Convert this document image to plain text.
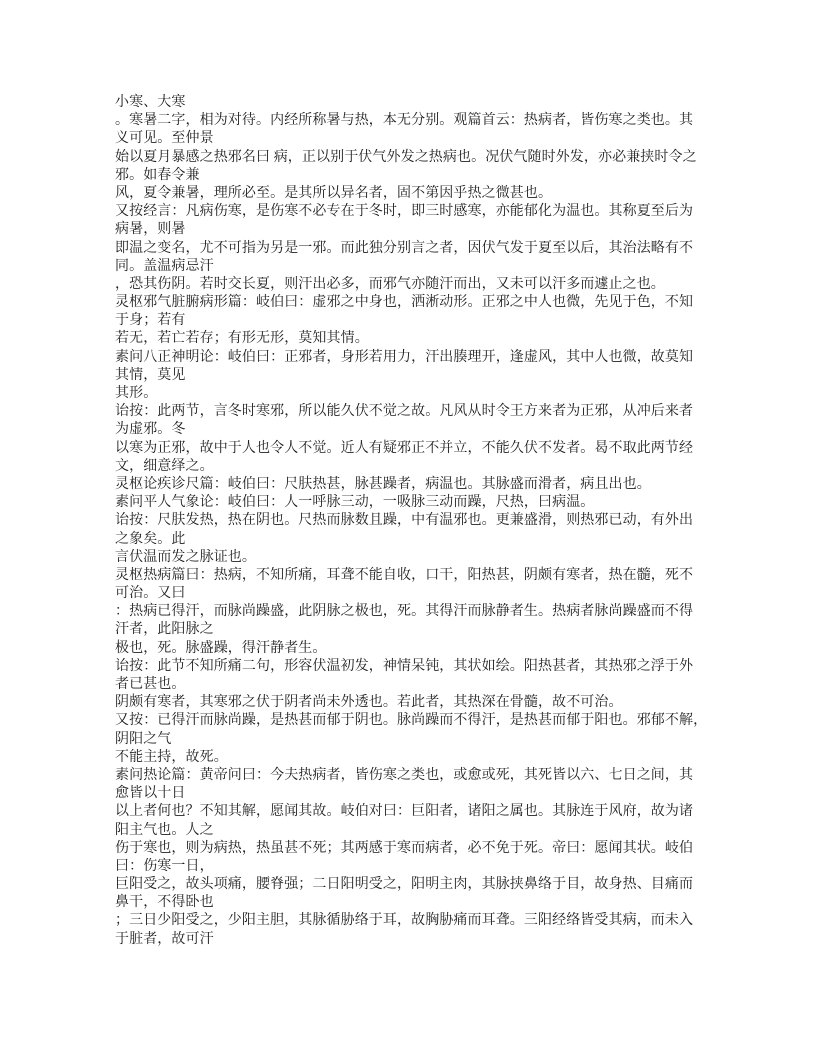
小寒、大寒
。寒暑二字，相为对待。内经所称暑与热，本无分别。观篇首云：热病者，皆伤寒之类也。其
义可见。至仲景
始以夏月暴感之热邪名曰 病，正以别于伏气外发之热病也。况伏气随时外发，亦必兼挟时令之
邪。如春令兼
风，夏令兼暑，理所必至。是其所以异名者，固不第因乎热之微甚也。
又按经言：凡病伤寒，是伤寒不必专在于冬时，即三时感寒，亦能郁化为温也。其称夏至后为
病暑，则暑
即温之变名，尤不可指为另是一邪。而此独分别言之者，因伏气发于夏至以后，其治法略有不
同。盖温病忌汗
，恐其伤阴。若时交长夏，则汗出必多，而邪气亦随汗而出，又未可以汗多而遽止之也。
灵枢邪气脏腑病形篇：岐伯曰：虚邪之中身也，洒淅动形。正邪之中人也微，先见于色，不知
于身；若有
若无，若亡若存；有形无形，莫知其情。
素问八正神明论：岐伯曰：正邪者，身形若用力，汗出腠理开，逢虚风，其中人也微，故莫知
其情，莫见
其形。
诒按：此两节，言冬时寒邪，所以能久伏不觉之故。凡风从时令王方来者为正邪，从冲后来者
为虚邪。冬
以寒为正邪，故中于人也令人不觉。近人有疑邪正不并立，不能久伏不发者。曷不取此两节经
文，细意绎之。
灵枢论疾诊尺篇：岐伯曰：尺肤热甚，脉甚躁者，病温也。其脉盛而滑者，病且出也。
素问平人气象论：岐伯曰：人一呼脉三动，一吸脉三动而躁，尺热，曰病温。
诒按：尺肤发热，热在阴也。尺热而脉数且躁，中有温邪也。更兼盛滑，则热邪已动，有外出
之象矣。此
言伏温而发之脉证也。
灵枢热病篇曰：热病，不知所痛，耳聋不能自收，口干，阳热甚，阴颇有寒者，热在髓，死不
可治。又曰
：热病已得汗，而脉尚躁盛，此阴脉之极也，死。其得汗而脉静者生。热病者脉尚躁盛而不得
汗者，此阳脉之
极也，死。脉盛躁，得汗静者生。
诒按：此节不知所痛二句，形容伏温初发，神情呆钝，其状如绘。阳热甚者，其热邪之浮于外
者已甚也。
阴颇有寒者，其寒邪之伏于阴者尚未外透也。若此者，其热深在骨髓，故不可治。
又按：已得汗而脉尚躁，是热甚而郁于阴也。脉尚躁而不得汗，是热甚而郁于阳也。邪郁不解，
阴阳之气
不能主持，故死。
素问热论篇：黄帝问曰：今夫热病者，皆伤寒之类也，或愈或死，其死皆以六、七日之间，其
愈皆以十日
以上者何也？不知其解，愿闻其故。岐伯对曰：巨阳者，诸阳之属也。其脉连于风府，故为诸
阳主气也。人之
伤于寒也，则为病热，热虽甚不死；其两感于寒而病者，必不免于死。帝曰：愿闻其状。岐伯
曰：伤寒一日，
巨阳受之，故头项痛，腰脊强；二日阳明受之，阳明主肉，其脉挟鼻络于目，故身热、目痛而
鼻干，不得卧也
；三日少阳受之，少阳主胆，其脉循胁络于耳，故胸胁痛而耳聋。三阳经络皆受其病，而未入
于脏者，故可汗
